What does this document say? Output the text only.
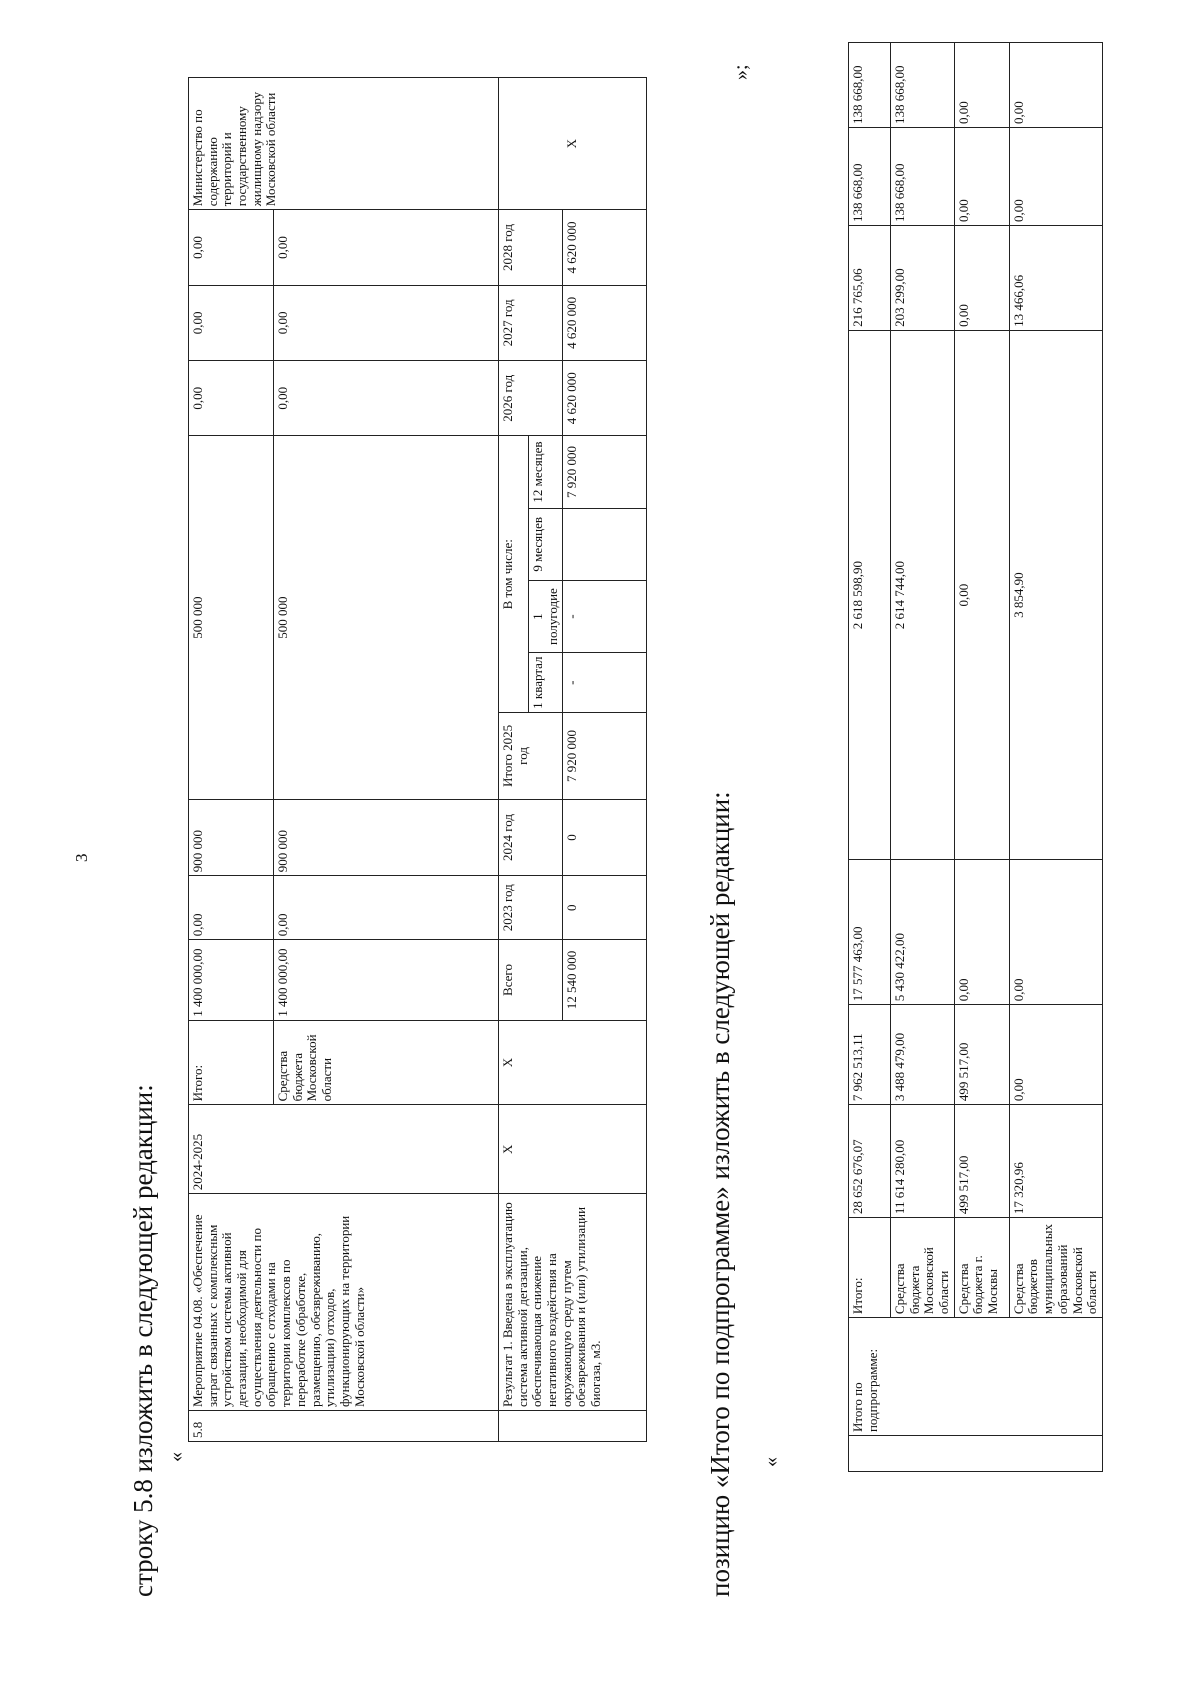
3
строку 5.8 изложить в следующей редакции: «
5.8	Мероприятие 04.08. «Обеспечение затрат связанных с комплексным устройством системы активной дегазации, необходимой для осуществления деятельности по обращению с отходами на территории комплексов по переработке (обработке, размещению, обезвреживанию, утилизации) отходов, функционирующих на территории Московской области»	2024-2025	Итого:	1 400 000,00	0,00	900 000	500 000					0,00	0,00	0,00	Министерство по содержанию территорий и государственному жилищному надзору Московской области
			Средства бюджета Московской области	1 400 000,00	0,00	900 000	500 000					0,00	0,00	0,00	
	Результат 1. Введена в эксплуатацию система активной дегазации, обеспечивающая снижение негативного воздействия на окружающую среду путем обезвреживания и (или) утилизации биогаза, м3.	X	X	Всего	2023 год	2024 год	Итого 2025 год	В том числе:				2026 год	2027 год	2028 год	X
								1 квартал	1 полугодие	9 месяцев	12 месяцев				
				12 540 000	0	0	7 920 000	-	-		7 920 000	4 620 000	4 620 000	4 620 000	
»;
позицию «Итого по подпрограмме» изложить в следующей редакции: «
	Итого по подпрограмме:	Итого:	28 652 676,07	7 962 513,11	17 577 463,00	2 618 598,90	216 765,06	138 668,00	138 668,00
		Средства бюджета Московской области	11 614 280,00	3 488 479,00	5 430 422,00	2 614 744,00	203 299,00	138 668,00	138 668,00
		Средства бюджета г. Москвы	499 517,00	499 517,00	0,00	0,00	0,00	0,00	0,00
		Средства бюджетов муниципальных образований Московской области	17 320,96	0,00	0,00	3 854,90	13 466,06	0,00	0,00
